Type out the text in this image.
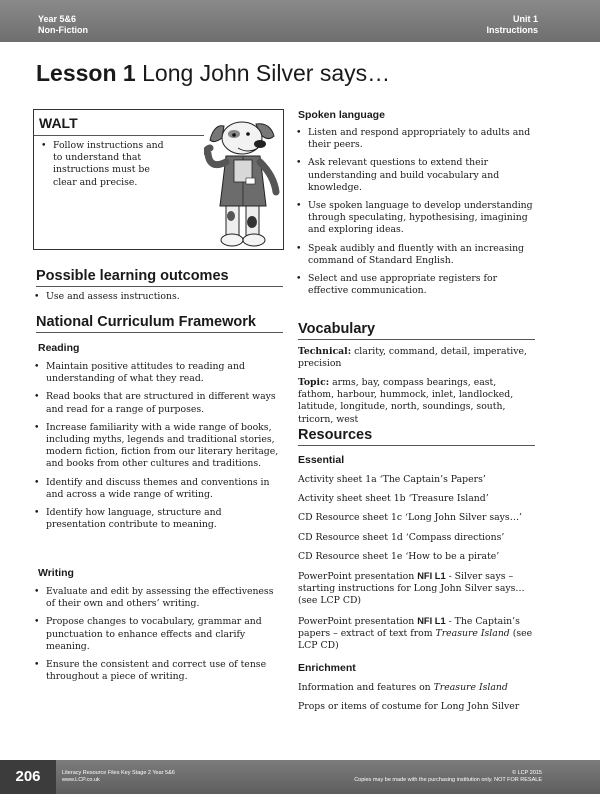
Year 5&6
Non-Fiction
Unit 1
Instructions
Lesson 1 Long John Silver says…
WALT
• Follow instructions and to understand that instructions must be clear and precise.
Possible learning outcomes
• Use and assess instructions.
National Curriculum Framework
Reading
• Maintain positive attitudes to reading and understanding of what they read.
• Read books that are structured in different ways and read for a range of purposes.
• Increase familiarity with a wide range of books, including myths, legends and traditional stories, modern fiction, fiction from our literary heritage, and books from other cultures and traditions.
• Identify and discuss themes and conventions in and across a wide range of writing.
• Identify how language, structure and presentation contribute to meaning.
Writing
• Evaluate and edit by assessing the effectiveness of their own and others’ writing.
• Propose changes to vocabulary, grammar and punctuation to enhance effects and clarify meaning.
• Ensure the consistent and correct use of tense throughout a piece of writing.
Spoken language
• Listen and respond appropriately to adults and their peers.
• Ask relevant questions to extend their understanding and build vocabulary and knowledge.
• Use spoken language to develop understanding through speculating, hypothesising, imagining and exploring ideas.
• Speak audibly and fluently with an increasing command of Standard English.
• Select and use appropriate registers for effective communication.
Vocabulary
Technical: clarity, command, detail, imperative, precision
Topic: arms, bay, compass bearings, east, fathom, harbour, hummock, inlet, landlocked, latitude, longitude, north, soundings, south, tricorn, west
Resources
Essential

Activity sheet 1a ‘The Captain’s Papers’

Activity sheet sheet 1b ‘Treasure Island’

CD Resource sheet 1c ‘Long John Silver says…’

CD Resource sheet 1d ‘Compass directions’

CD Resource sheet 1e ‘How to be a pirate’

PowerPoint presentation NFI L1 - Silver says – starting instructions for Long John Silver says… (see LCP CD)

PowerPoint presentation NFI L1 - The Captain’s papers – extract of text from Treasure Island (see LCP CD)

Enrichment

Information and features on Treasure Island

Props or items of costume for Long John Silver

206	Literacy Resource Files Key Stage 2 Year 5&6
www.LCP.co.uk
© LCP 2015
Copies may be made with the purchasing institution only. NOT FOR RESALE
